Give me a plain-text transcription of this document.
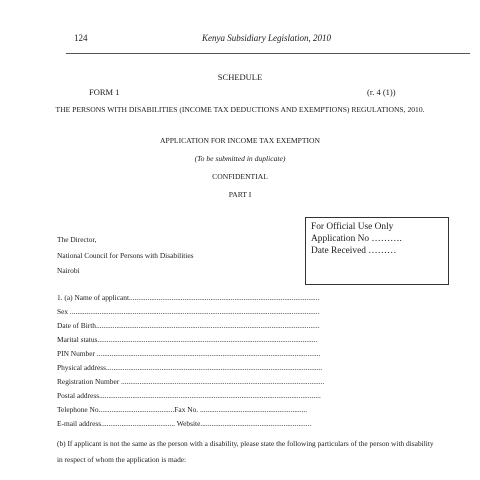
124	Kenya Subsidiary Legislation, 2010
SCHEDULE
FORM 1	(r. 4 (1))
THE PERSONS WITH DISABILITIES (INCOME TAX DEDUCTIONS AND EXEMPTIONS) REGULATIONS, 2010.
APPLICATION FOR INCOME TAX EXEMPTION
(To be submitted in duplicate)
CONFIDENTIAL
PART I
For Official Use Only
Application No ……….
Date Received ………
The Director,
National Council for Persons with Disabilities
Nairobi
1. (a) Name of applicant.......................................................................................................
Sex .......................................................................................................................................
Date of Birth.........................................................................................................................
Marital status.......................................................................................................................
PIN Number .........................................................................................................................
Physical address.....................................................................................................................
Registration Number ..............................................................................................................
Postal address........................................................................................................................
Telephone No.........................................Fax No. ..........................................................
E-mail address........................................ Website............................................................
(b) If applicant is not the same as the person with a disability, please state the following particulars of the person with disability in respect of whom the application is made:
